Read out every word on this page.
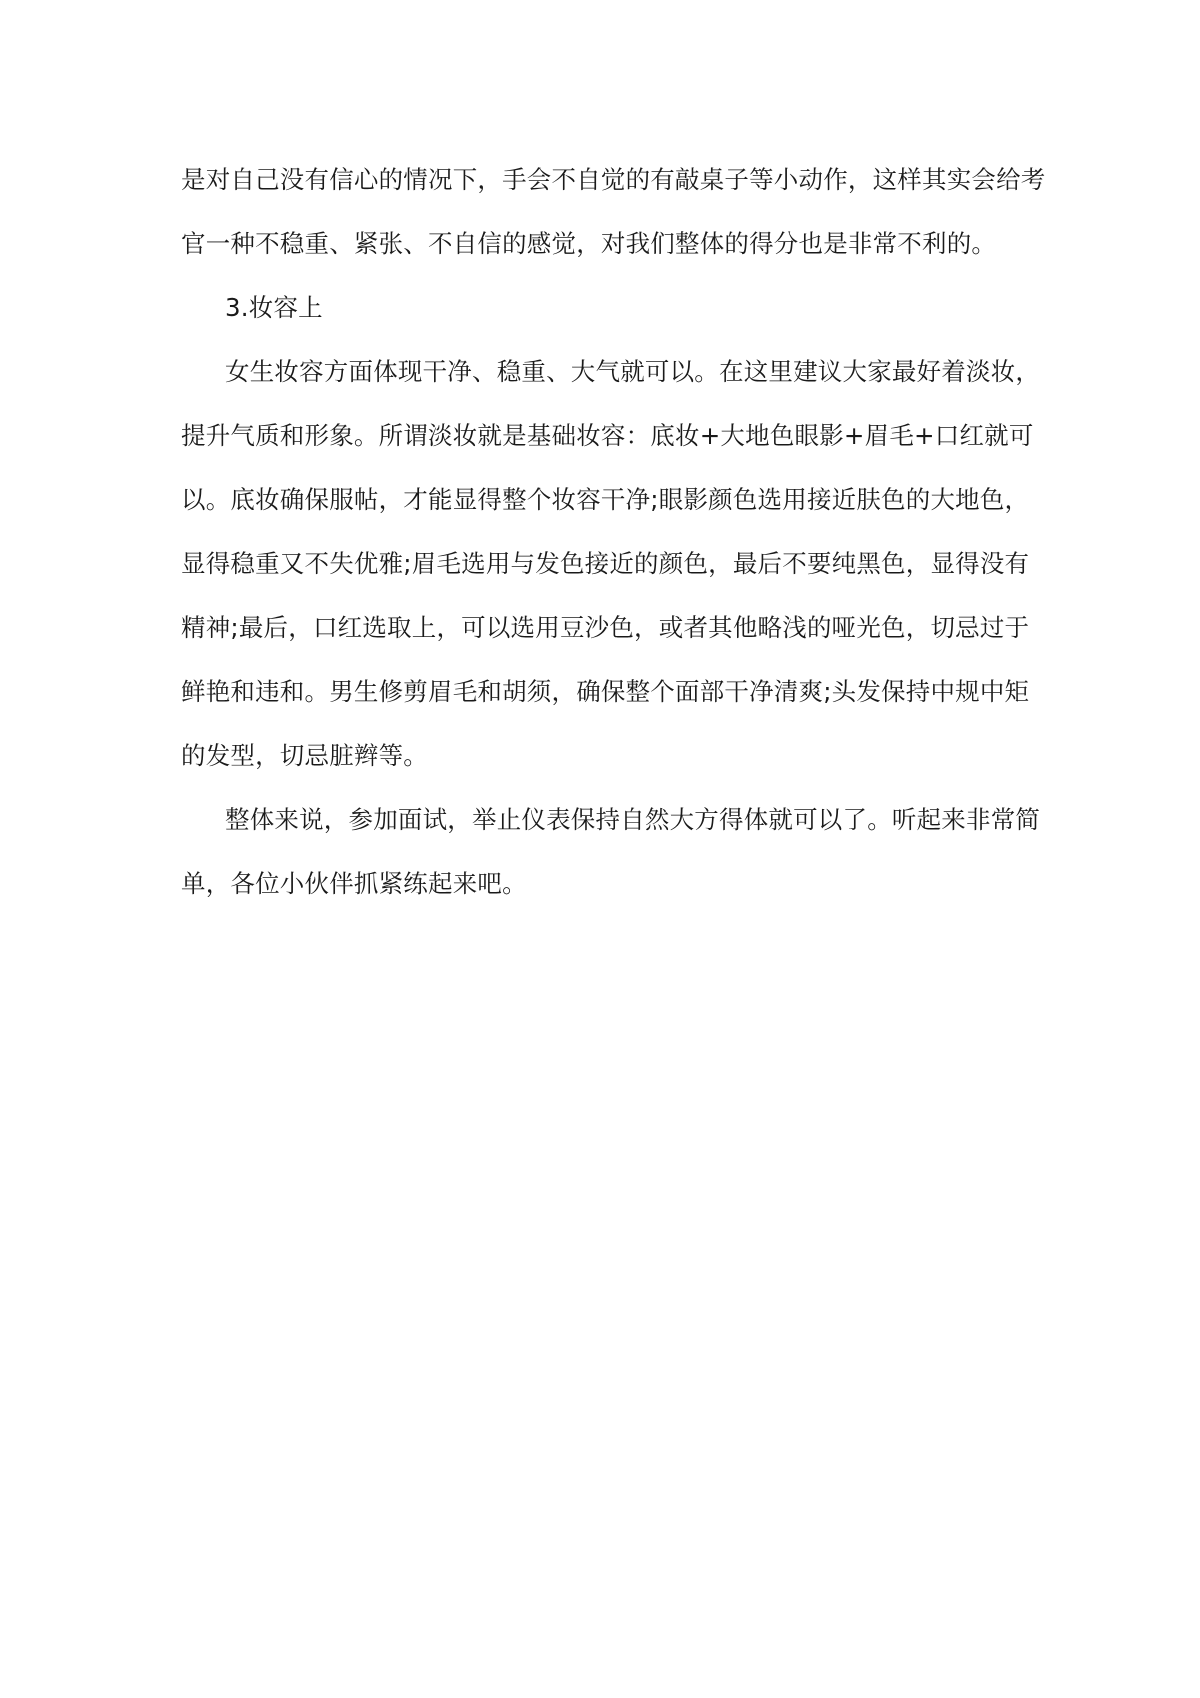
是对自己没有信心的情况下，手会不自觉的有敲桌子等小动作，这样其实会给考
官一种不稳重、紧张、不自信的感觉，对我们整体的得分也是非常不利的。
3.妆容上
女生妆容方面体现干净、稳重、大气就可以。在这里建议大家最好着淡妆，
提升气质和形象。所谓淡妆就是基础妆容：底妆+大地色眼影+眉毛+口红就可
以。底妆确保服帖，才能显得整个妆容干净;眼影颜色选用接近肤色的大地色，
显得稳重又不失优雅;眉毛选用与发色接近的颜色，最后不要纯黑色，显得没有
精神;最后，口红选取上，可以选用豆沙色，或者其他略浅的哑光色，切忌过于
鲜艳和违和。男生修剪眉毛和胡须，确保整个面部干净清爽;头发保持中规中矩
的发型，切忌脏辫等。
整体来说，参加面试，举止仪表保持自然大方得体就可以了。听起来非常简
单，各位小伙伴抓紧练起来吧。
